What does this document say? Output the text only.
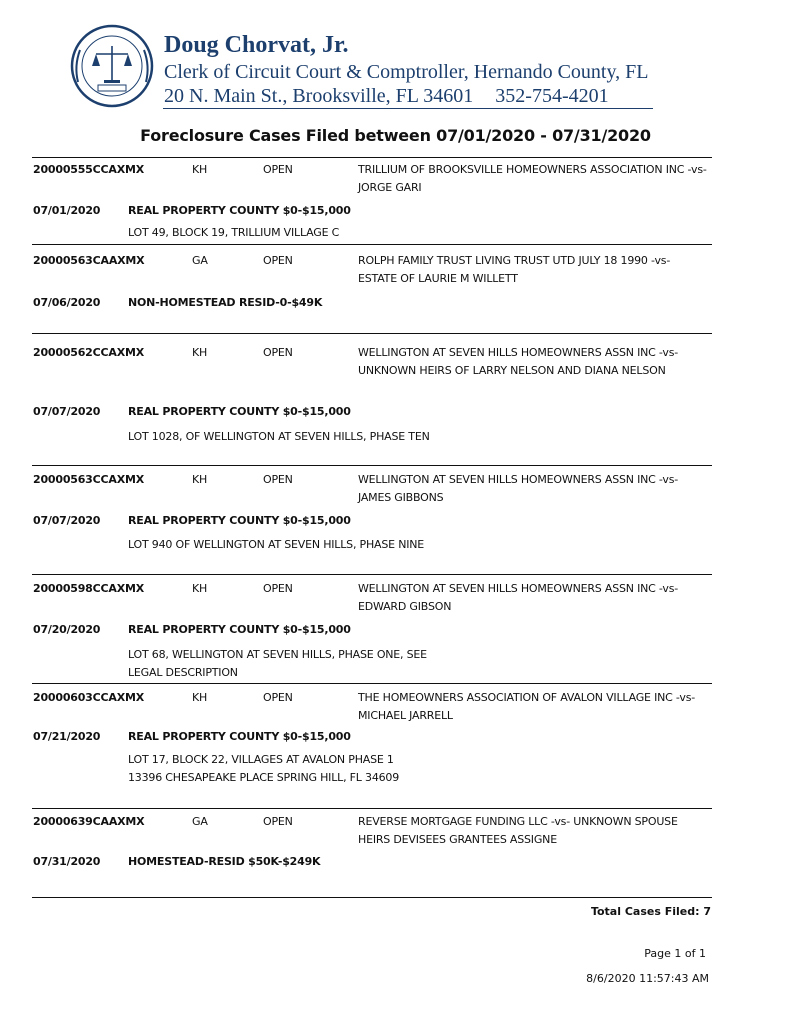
Doug Chorvat, Jr.
Clerk of Circuit Court & Comptroller, Hernando County, FL
20 N. Main St., Brooksville, FL 34601 352-754-4201
Foreclosure Cases Filed between 07/01/2020 - 07/31/2020
20000555CCAXMX	KH	OPEN	TRILLIUM OF BROOKSVILLE HOMEOWNERS ASSOCIATION INC -vs- JORGE GARI
07/01/2020	REAL PROPERTY COUNTY $0-$15,000
LOT 49, BLOCK 19, TRILLIUM VILLAGE C
20000563CAAXMX	GA	OPEN	ROLPH FAMILY TRUST LIVING TRUST UTD JULY 18 1990 -vs- ESTATE OF LAURIE M WILLETT
07/06/2020	NON-HOMESTEAD RESID-0-$49K
20000562CCAXMX	KH	OPEN	WELLINGTON AT SEVEN HILLS HOMEOWNERS ASSN INC -vs- UNKNOWN HEIRS OF LARRY NELSON AND DIANA NELSON
07/07/2020	REAL PROPERTY COUNTY $0-$15,000
LOT 1028, OF WELLINGTON AT SEVEN HILLS, PHASE TEN
20000563CCAXMX	KH	OPEN	WELLINGTON AT SEVEN HILLS HOMEOWNERS ASSN INC -vs- JAMES GIBBONS
07/07/2020	REAL PROPERTY COUNTY $0-$15,000
LOT 940 OF WELLINGTON AT SEVEN HILLS, PHASE NINE
20000598CCAXMX	KH	OPEN	WELLINGTON AT SEVEN HILLS HOMEOWNERS ASSN INC -vs- EDWARD GIBSON
07/20/2020	REAL PROPERTY COUNTY $0-$15,000
LOT 68, WELLINGTON AT SEVEN HILLS, PHASE ONE, SEE LEGAL DESCRIPTION
20000603CCAXMX	KH	OPEN	THE HOMEOWNERS ASSOCIATION OF AVALON VILLAGE INC -vs- MICHAEL JARRELL
07/21/2020	REAL PROPERTY COUNTY $0-$15,000
LOT 17, BLOCK 22, VILLAGES AT AVALON PHASE 1 13396 CHESAPEAKE PLACE SPRING HILL, FL 34609
20000639CAAXMX	GA	OPEN	REVERSE MORTGAGE FUNDING LLC -vs- UNKNOWN SPOUSE HEIRS DEVISEES GRANTEES ASSIGNE
07/31/2020	HOMESTEAD-RESID $50K-$249K
Total Cases Filed: 7
Page 1 of 1
8/6/2020 11:57:43 AM
